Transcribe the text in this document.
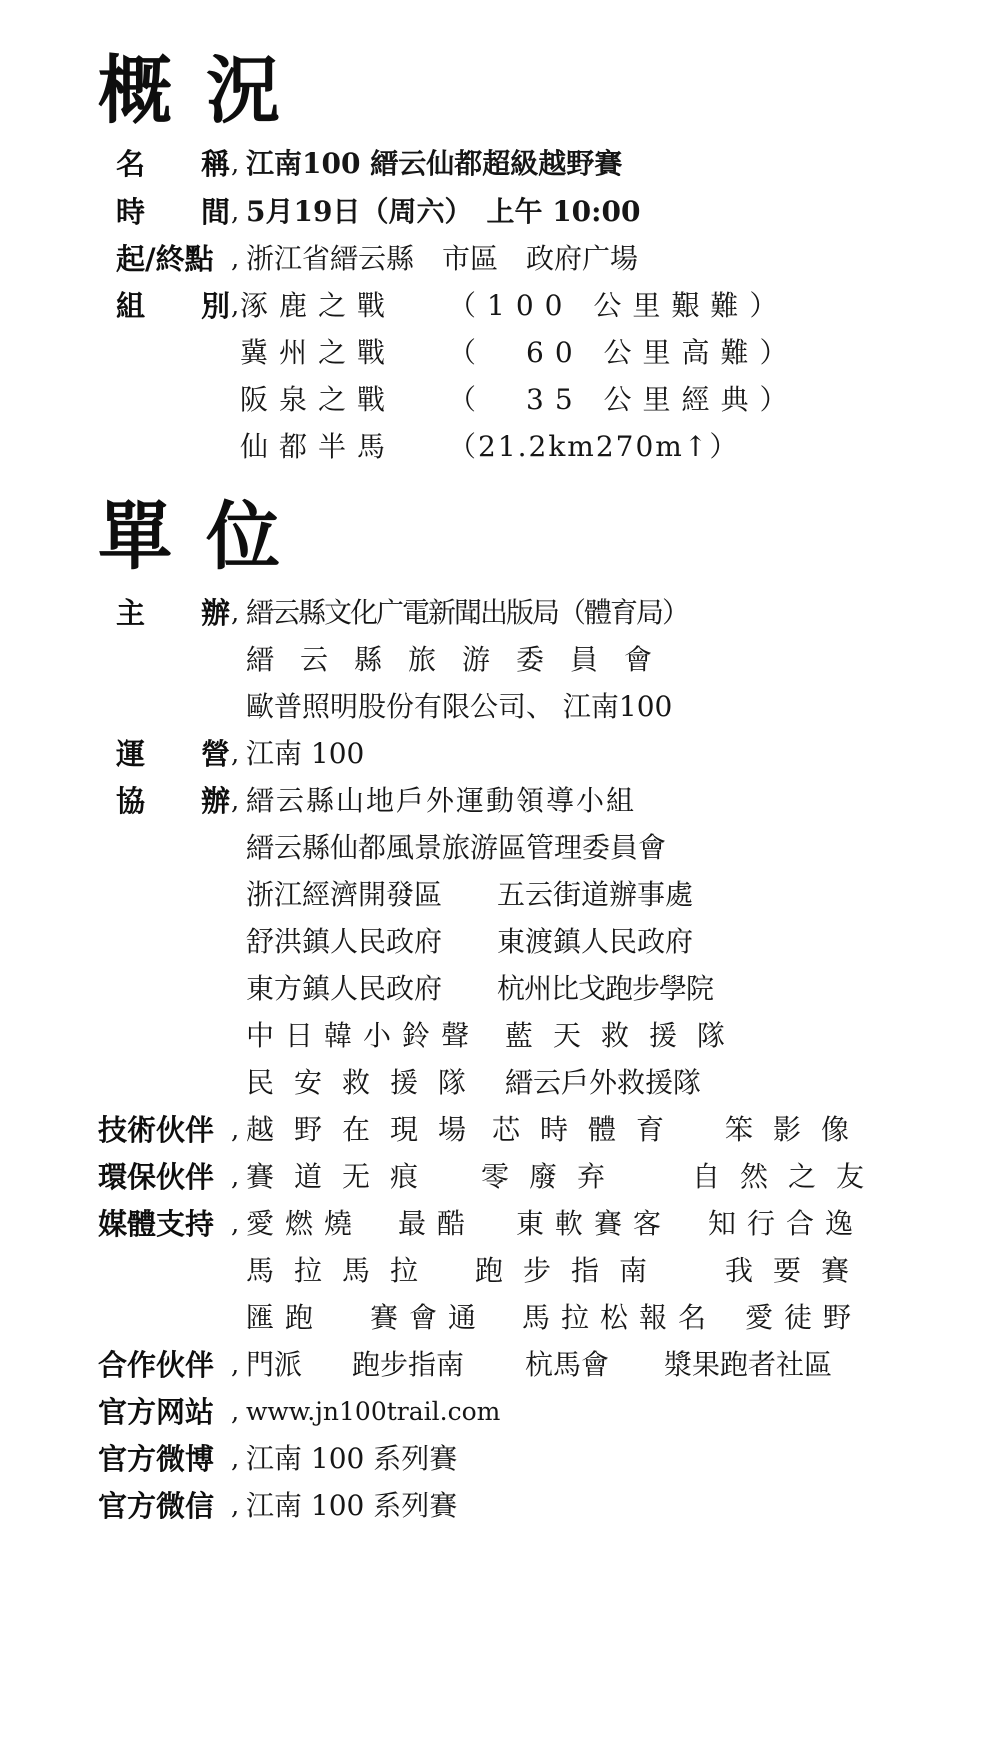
概況
名 稱 , 江南100 縉云仙都超級越野賽
時 間 , 5月19日（周六）　上午 10:00
起/終點 , 浙江省縉云縣　市區　政府广場
組 別 , 涿鹿之戰	（100 公里艱難）
冀州之戰	（　60 公里高難）
阪泉之戰	（　35 公里經典）
仙都半馬	（21.2km270m↑）
單位
主 辦 , 縉云縣文化广電新聞出版局（體育局）
縉云縣旅游委員會
歐普照明股份有限公司、 江南100
運 營 , 江南 100
協 辦 , 縉云縣山地戶外運動領導小組
縉云縣仙都風景旅游區管理委員會
浙江經濟開發區 五云街道辦事處
舒洪鎮人民政府 東渡鎮人民政府
東方鎮人民政府 杭州比戈跑步學院
中日韓小鈴聲 藍天救援隊
民安救援隊 縉云戶外救援隊
技術伙伴 , 越野在現場 芯時體育 笨影像
環保伙伴 , 賽道无痕 零廢弃 自然之友
媒體支持 , 愛燃燒 最酷 東軟賽客 知行合逸
馬拉馬拉 跑步指南 我要賽
匯跑 賽會通 馬拉松報名 愛徒野
合作伙伴 , 門派 跑步指南 杭馬會 漿果跑者社區
官方网站 , www.jn100trail.com
官方微博 , 江南 100 系列賽
官方微信 , 江南 100 系列賽
